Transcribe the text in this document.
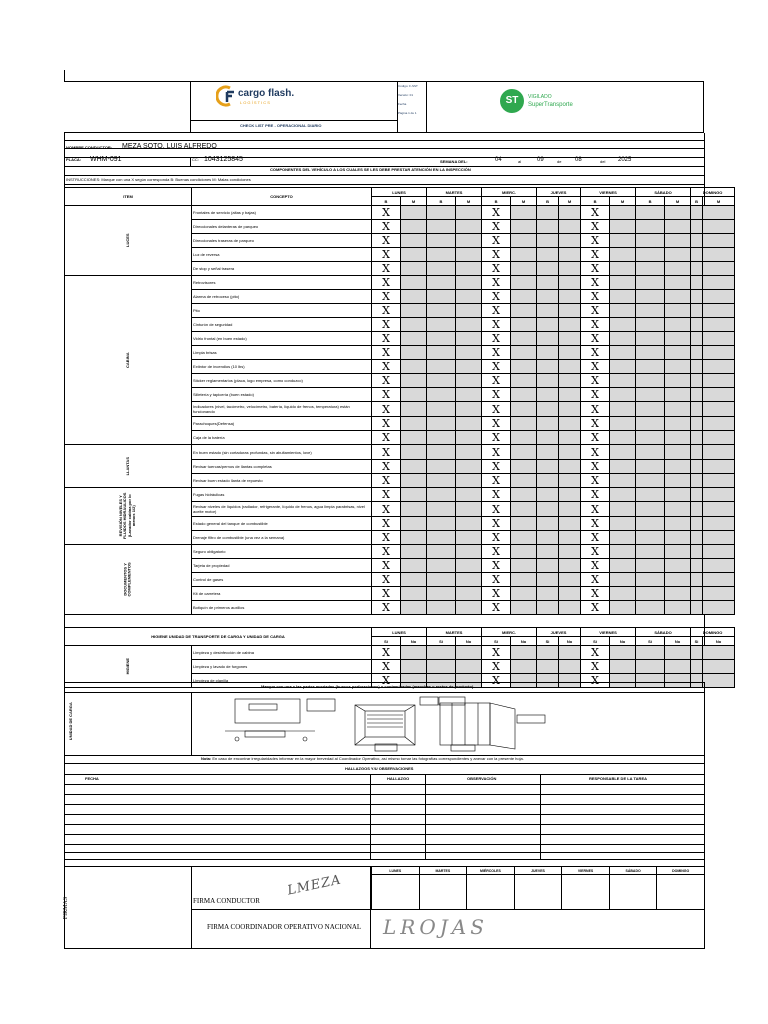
cargo flash.
L O G Í S T I C S
CHECK LIST PRE - OPERACIONAL DIARIO
Código: F-SST
Versión: 01
Fecha
Página 1 de 1
ST	VIGILADO
SuperTransporte
NOMBRE CONDUCTOR: MEZA SOTO, LUIS ALFREDO
PLACA: WHM-091	CC: 1043125845	SEMANA DEL:	04	al	09	de 08	del 2025
COMPONENTES DEL VEHÍCULO A LOS CUALES SE LES DEBE PRESTAR ATENCIÓN EN LA INSPECCIÓN
INSTRUCCIONES: Marque con una X según corresponda B: Buenas condiciones M: Malas condiciones
ITEM	CONCEPTO	LUNES		MARTES		MIERC.		JUEVES		VIERNES		SÁBADO		DOMINGO	
		B	M	B	M	B	M	B	M	B	M	B	M	B	M

LUCES	Frontales de servicio (altas y bajas)	X				X				X					
	Direccionales delanteras de parqueo	X				X				X					
	Direccionales traseras de parqueo	X				X				X					
	Luz de reversa	X				X				X					
	De stop y señal trasera	X				X				X					

CABINA	Retrovisores	X				X				X					
	Alarma de retroceso (pito)	X				X				X					
	Pito	X				X				X					
	Cinturón de seguridad	X				X				X					
	Vidrio frontal (en buen estado)	X				X				X					
	Limpia brisas	X				X				X					
	Extintor de incendios (10 lbs)	X				X				X					
	Sticker reglamentarios (placa, logo empresa, como conduzco)	X				X				X					
	Silletería y tapicería (buen estado)	X				X				X					
	Indicadores (nivel, tacómetro, velocímetro, batería, líquido de frenos, temperatura) están funcionando	X				X				X					
	Parachoques(Defensa)	X				X				X					
	Caja de la batería	X				X				X					

LLANTAS	En buen estado (sin cortaduras profundas, sin abultamientos, love)	X				X				X					
	Revisar tuercas/pernos de llantas completas	X				X				X					
	Revisar buen estado llanta de repuesto	X				X				X					

REVISIÓN NIVELES Y FLUIDOS HIDRÁULICOS (Lavador cabina por lo menos 1/2)	Fugas hidráulicas	X				X				X					
	Revisar niveles de líquidos (radiador, refrigerante, líquido de frenos, agua limpia parabrisas, nivel aceite motor)	X				X				X					
	Estado general del tanque de combustible	X				X				X					
	Drenaje filtro de combustible (una vez a la semana)	X				X				X					

DOCUMENTOS Y COMPLEMENTOS	Seguro obligatorio	X				X				X					
	Tarjeta de propiedad	X				X				X					
	Control de gases	X				X				X					
	Kit de carretera	X				X				X					
	Botiquín de primeros auxilios	X				X				X					
HIGIENE UNIDAD DE TRANSPORTE DE CARGA Y UNIDAD DE CARGA		LUNES		MARTES		MIERC.		JUEVES		VIERNES		SÁBADO		DOMINGO	
		Si	No	Si	No	Si	No	Si	No	Si	No	Si	No	Si	No

HIGIENE	Limpieza y desinfección de cabina	X				X				X					
	Limpieza y lavado de furgones	X				X				X					
	Limpieza de planilla	X				X				X					
Marque con una x las partes averiadas (huecos perforaciones) o contaminadas (manchas o restos de producto)
UNIDAD DE CARGA
Nota: En caso de encontrar irregularidades informar en la mayor brevedad al Coordinador Operativo, así mismo tomar las fotografías correspondientes y anexar con la presente hoja.
HALLAZGOS Y/U OBSERVACIONES
FECHA	HALLAZGO	OBSERVACIÓN	RESPONSABLE DE LA TAREA
FIRMAS	FIRMA CONDUCTOR
LMEZA
FIRMA COORDINADOR OPERATIVO NACIONAL LROJAS
LUNES	MARTES	MIÉRCOLES	JUEVES	VIERNES	SÁBADO	DOMINGO
